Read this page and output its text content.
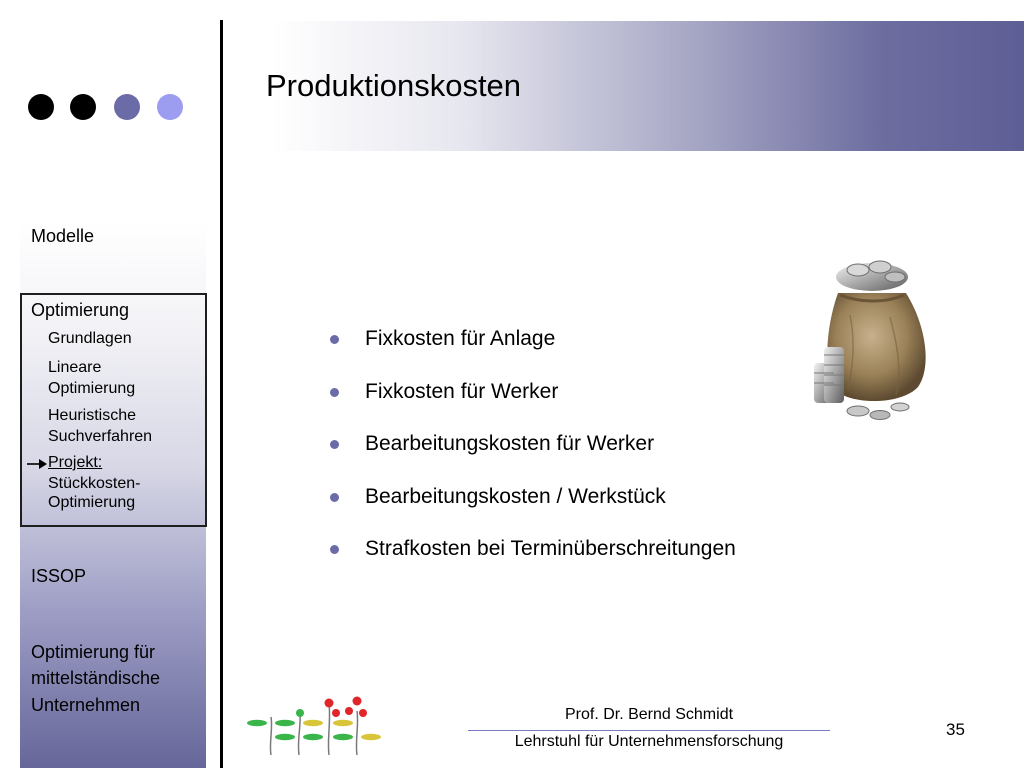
Produktionskosten
Modelle
Optimierung
Grundlagen
Lineare
Optimierung
Heuristische
Suchverfahren
Projekt:
Stückkosten-
Optimierung
ISSOP
Optimierung für
mittelständische
Unternehmen
Fixkosten für Anlage
Fixkosten für Werker
Bearbeitungskosten für Werker
Bearbeitungskosten / Werkstück
Strafkosten bei Terminüberschreitungen
Prof. Dr. Bernd Schmidt
Lehrstuhl für Unternehmensforschung
35
